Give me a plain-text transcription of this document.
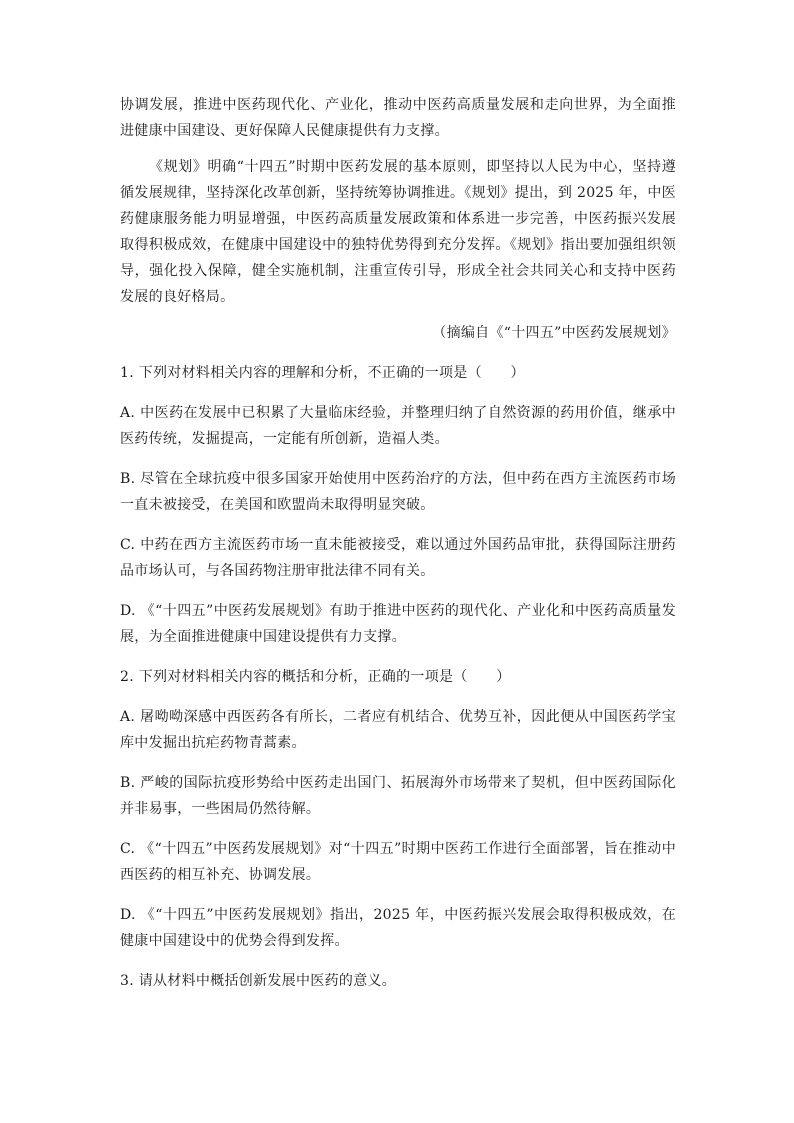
协调发展，推进中医药现代化、产业化，推动中医药高质量发展和走向世界，为全面推进健康中国建设、更好保障人民健康提供有力支撑。

《规划》明确“十四五”时期中医药发展的基本原则，即坚持以人民为中心，坚持遵循发展规律，坚持深化改革创新，坚持统筹协调推进。《规划》提出，到 2025 年，中医药健康服务能力明显增强，中医药高质量发展政策和体系进一步完善，中医药振兴发展取得积极成效，在健康中国建设中的独特优势得到充分发挥。《规划》指出要加强组织领导，强化投入保障，健全实施机制，注重宣传引导，形成全社会共同关心和支持中医药发展的良好格局。

（摘编自《“十四五”中医药发展规划》

1. 下列对材料相关内容的理解和分析，不正确的一项是（　　）

A. 中医药在发展中已积累了大量临床经验，并整理归纳了自然资源的药用价值，继承中医药传统，发掘提高，一定能有所创新，造福人类。

B. 尽管在全球抗疫中很多国家开始使用中医药治疗的方法，但中药在西方主流医药市场一直未被接受，在美国和欧盟尚未取得明显突破。

C. 中药在西方主流医药市场一直未能被接受，难以通过外国药品审批，获得国际注册药品市场认可，与各国药物注册审批法律不同有关。

D. 《“十四五”中医药发展规划》有助于推进中医药的现代化、产业化和中医药高质量发展，为全面推进健康中国建设提供有力支撑。

2. 下列对材料相关内容的概括和分析，正确的一项是（　　）

A. 屠呦呦深感中西医药各有所长，二者应有机结合、优势互补，因此便从中国医药学宝库中发掘出抗疟药物青蒿素。

B. 严峻的国际抗疫形势给中医药走出国门、拓展海外市场带来了契机，但中医药国际化并非易事，一些困局仍然待解。

C. 《“十四五”中医药发展规划》对“十四五”时期中医药工作进行全面部署，旨在推动中西医药的相互补充、协调发展。

D. 《“十四五”中医药发展规划》指出，2025 年，中医药振兴发展会取得积极成效，在健康中国建设中的优势会得到发挥。

3. 请从材料中概括创新发展中医药的意义。
